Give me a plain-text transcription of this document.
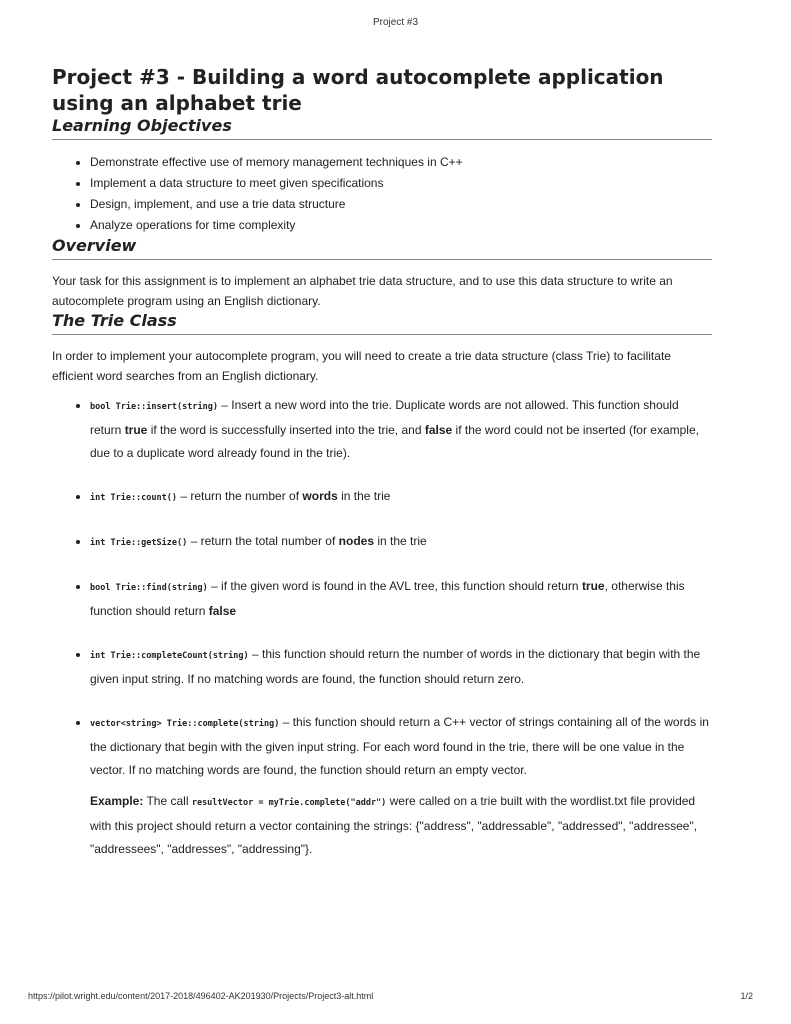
Project #3
Project #3 - Building a word autocomplete application using an alphabet trie
Learning Objectives
• Demonstrate effective use of memory management techniques in C++
• Implement a data structure to meet given specifications
• Design, implement, and use a trie data structure
• Analyze operations for time complexity
Overview

Your task for this assignment is to implement an alphabet trie data structure, and to use this data structure to write an autocomplete program using an English dictionary.

The Trie Class

In order to implement your autocomplete program, you will need to create a trie data structure (class Trie) to facilitate efficient word searches from an English dictionary.

• bool Trie::insert(string) – Insert a new word into the trie. Duplicate words are not allowed. This function should return true if the word is successfully inserted into the trie, and false if the word could not be inserted (for example, due to a duplicate word already found in the trie).
• int Trie::count() – return the number of words in the trie
• int Trie::getSize() – return the total number of nodes in the trie
• bool Trie::find(string) – if the given word is found in the AVL tree, this function should return true, otherwise this function should return false
• int Trie::completeCount(string) – this function should return the number of words in the dictionary that begin with the given input string. If no matching words are found, the function should return zero.
• vector<string> Trie::complete(string) – this function should return a C++ vector of strings containing all of the words in the dictionary that begin with the given input string. For each word found in the trie, there will be one value in the vector. If no matching words are found, the function should return an empty vector.
Example: The call resultVector = myTrie.complete("addr") were called on a trie built with the wordlist.txt file provided with this project should return a vector containing the strings: {"address", "addressable", "addressed", "addressee", "addressees", "addresses", "addressing"}.
https://pilot.wright.edu/content/2017-2018/496402-AK201930/Projects/Project3-alt.html	1/2
